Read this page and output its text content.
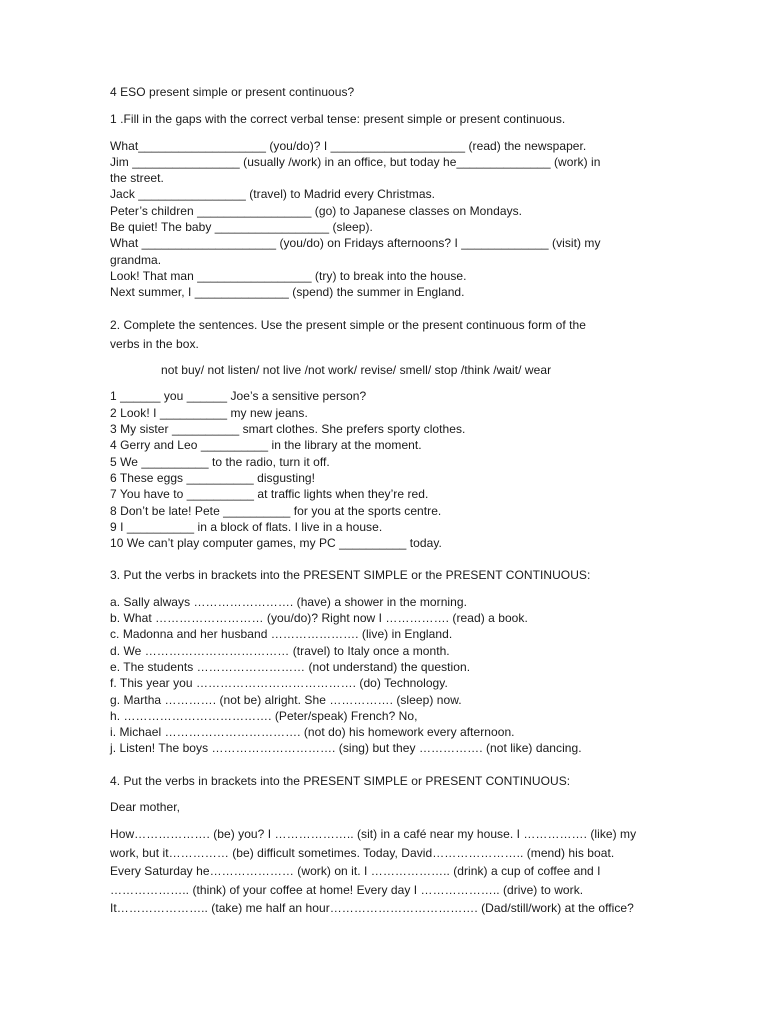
4 ESO present simple or present continuous?
1 .Fill in the gaps with the correct verbal tense: present simple or present continuous.
What___________________ (you/do)? I ____________________ (read) the newspaper.
Jim ________________ (usually /work) in an office, but today he______________ (work) in
the street.
Jack ________________ (travel) to Madrid every Christmas.
Peter’s children _________________ (go) to Japanese classes on Mondays.
Be quiet! The baby _________________ (sleep).
What ____________________ (you/do) on Fridays afternoons? I _____________ (visit) my
grandma.
Look! That man _________________ (try) to break into the house.
Next summer, I ______________ (spend) the summer in England.
2. Complete the sentences. Use the present simple or the present continuous form of the
verbs in the box.
not buy/ not listen/ not live /not work/ revise/ smell/ stop /think /wait/ wear
1 ______ you ______ Joe’s a sensitive person?
2 Look! I __________ my new jeans.
3 My sister __________ smart clothes. She prefers sporty clothes.
4 Gerry and Leo __________ in the library at the moment.
5 We __________ to the radio, turn it off.
6 These eggs __________ disgusting!
7 You have to __________ at traffic lights when they’re red.
8 Don’t be late! Pete __________ for you at the sports centre.
9 I __________ in a block of flats. I live in a house.
10 We can’t play computer games, my PC __________ today.
3. Put the verbs in brackets into the PRESENT SIMPLE or the PRESENT CONTINUOUS:
a. Sally always ……………………. (have) a shower in the morning.
b. What ……………………… (you/do)? Right now I ……………. (read) a book.
c. Madonna and her husband …………………. (live) in England.
d. We ……………………………… (travel) to Italy once a month.
e. The students ……………………… (not understand) the question.
f. This year you …………………………………. (do) Technology.
g. Martha …………. (not be) alright. She ……………. (sleep) now.
h. ………………………………. (Peter/speak) French? No,
i. Michael ……………………………. (not do) his homework every afternoon.
j. Listen! The boys …………………………. (sing) but they ……………. (not like) dancing.
4. Put the verbs in brackets into the PRESENT SIMPLE or PRESENT CONTINUOUS:
Dear mother,
How………………. (be) you? I ……………….. (sit) in a café near my house. I ……………. (like) my
work, but it…………… (be) difficult sometimes. Today, David………………….. (mend) his boat.
Every Saturday he………………… (work) on it. I ……………….. (drink) a cup of coffee and I
……………….. (think) of your coffee at home! Every day I ……………….. (drive) to work.
It………………….. (take) me half an hour………………………………. (Dad/still/work) at the office?
